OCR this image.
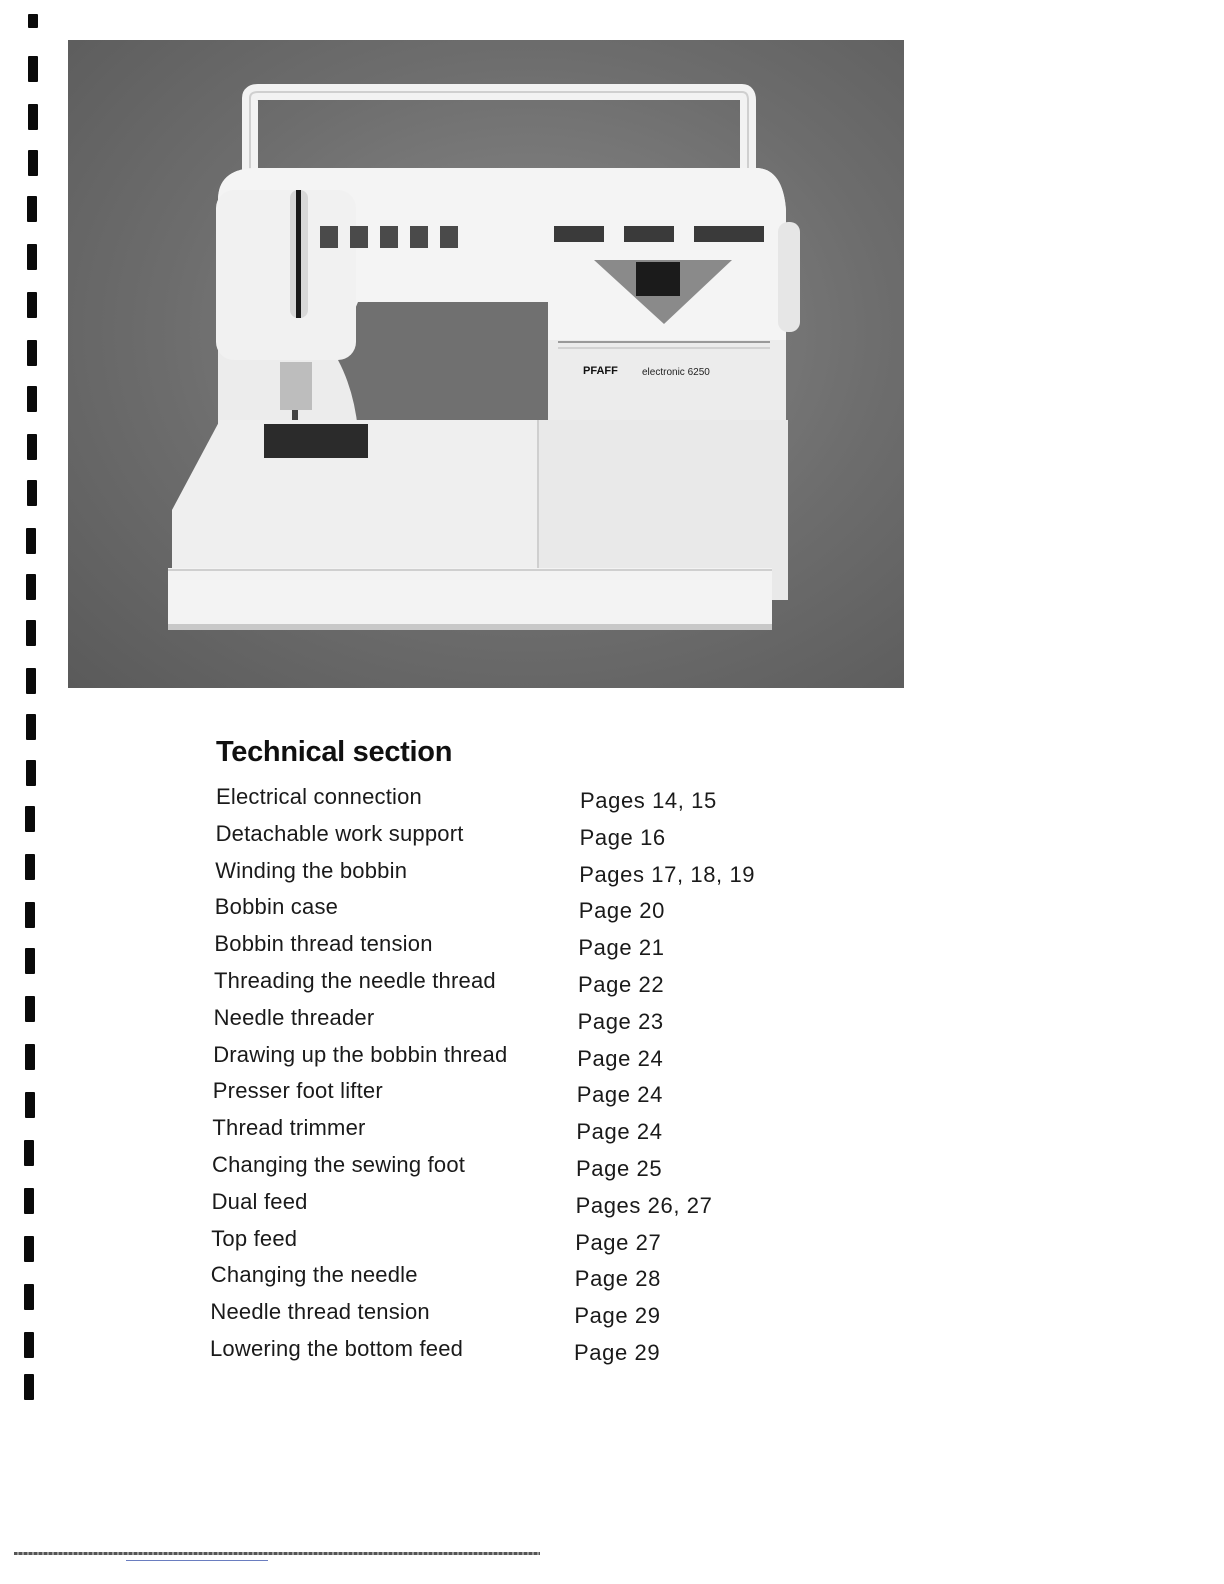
PFAFF electronic 6250
Technical section
Electrical connection	Pages 14, 15
Detachable work support	Page 16
Winding the bobbin	Pages 17, 18, 19
Bobbin case	Page 20
Bobbin thread tension	Page 21
Threading the needle thread	Page 22
Needle threader	Page 23
Drawing up the bobbin thread	Page 24
Presser foot lifter	Page 24
Thread trimmer	Page 24
Changing the sewing foot	Page 25
Dual feed	Pages 26, 27
Top feed	Page 27
Changing the needle	Page 28
Needle thread tension	Page 29
Lowering the bottom feed	Page 29
